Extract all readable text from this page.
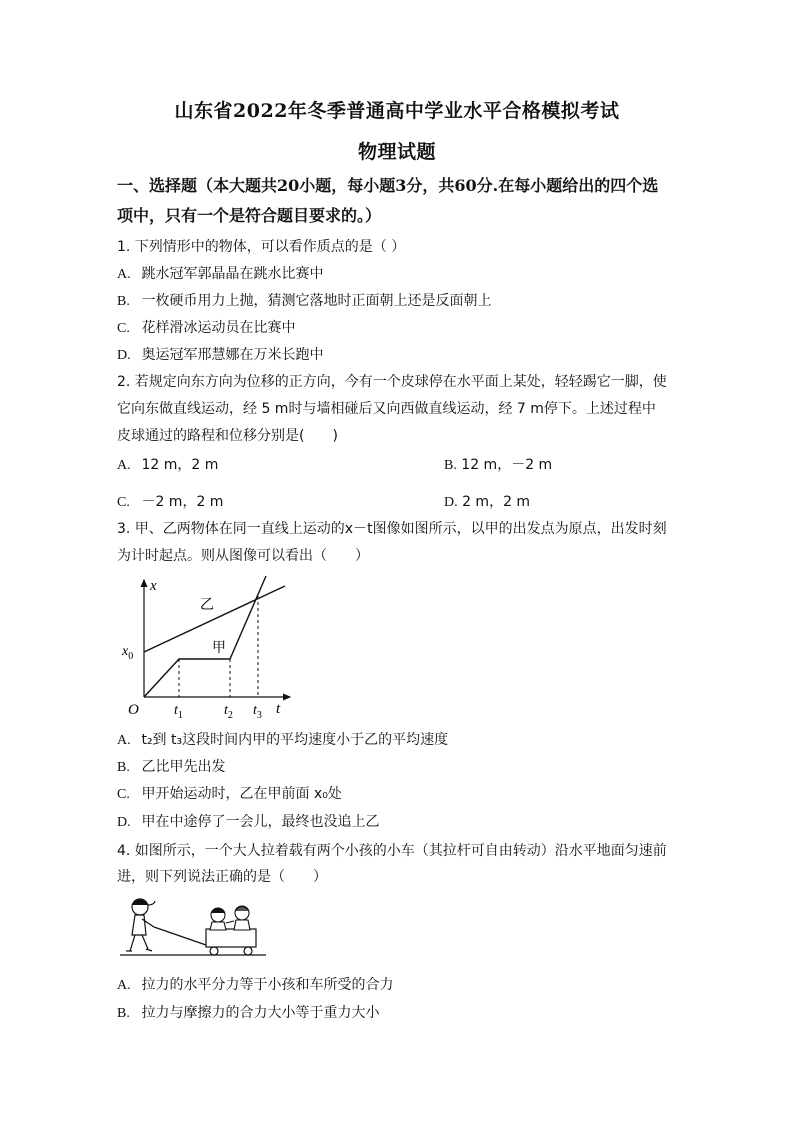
山东省2022年冬季普通高中学业水平合格模拟考试
物理试题
一、选择题（本大题共20小题，每小题3分，共60分.在每小题给出的四个选
项中，只有一个是符合题目要求的。）
1. 下列情形中的物体，可以看作质点的是（ ）
A. 跳水冠军郭晶晶在跳水比赛中
B. 一枚硬币用力上抛，猜测它落地时正面朝上还是反面朝上
C. 花样滑冰运动员在比赛中
D. 奥运冠军邢慧娜在万米长跑中
2. 若规定向东方向为位移的正方向，今有一个皮球停在水平面上某处，轻轻踢它一脚，使
它向东做直线运动，经 5 m时与墙相碰后又向西做直线运动，经 7 m停下。上述过程中
皮球通过的路程和位移分别是(　　)
A. 12 m，2 m	B. 12 m，－2 m
C. －2 m，2 m	D. 2 m，2 m
3. 甲、乙两物体在同一直线上运动的x－t图像如图所示，以甲的出发点为原点，出发时刻
为计时起点。则从图像可以看出（　　）
x
t
O
$x_0$
$t_1$	$t_2$ $t_3$
乙
甲
A. t₂到 t₃这段时间内甲的平均速度小于乙的平均速度
B. 乙比甲先出发
C. 甲开始运动时，乙在甲前面 x₀处
D. 甲在中途停了一会儿，最终也没追上乙
4. 如图所示，一个大人拉着载有两个小孩的小车（其拉杆可自由转动）沿水平地面匀速前
进，则下列说法正确的是（　　）
A. 拉力的水平分力等于小孩和车所受的合力
B. 拉力与摩擦力的合力大小等于重力大小
